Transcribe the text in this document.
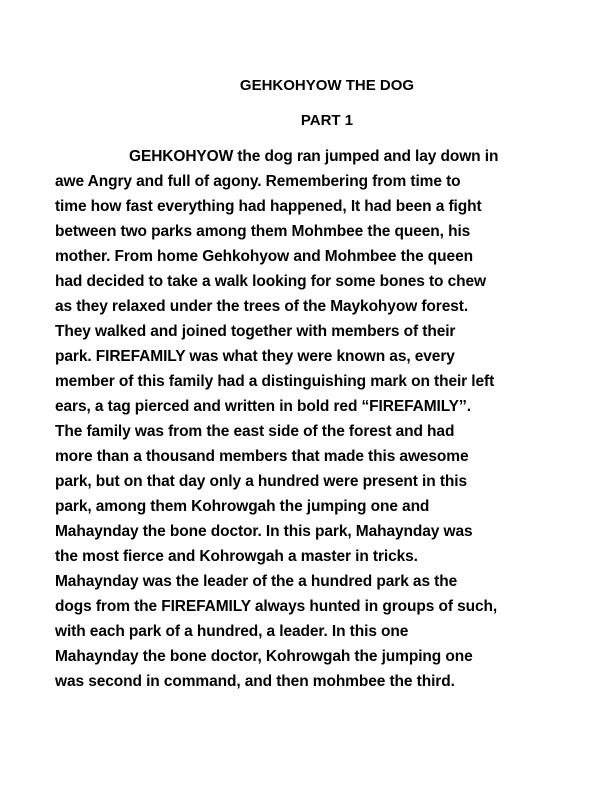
GEHKOHYOW THE DOG
PART 1
GEHKOHYOW the dog ran jumped and lay down in
awe Angry and full of agony. Remembering from time to
time how fast everything had happened, It had been a fight
between two parks among them Mohmbee the queen, his
mother. From home Gehkohyow and Mohmbee the queen
had decided to take a walk looking for some bones to chew
as they relaxed under the trees of the Maykohyow forest.
They walked and joined together with members of their
park. FIREFAMILY was what they were known as, every
member of this family had a distinguishing mark on their left
ears, a tag pierced and written in bold red “FIREFAMILY’’.
The family was from the east side of the forest and had
more than a thousand members that made this awesome
park, but on that day only a hundred were present in this
park, among them Kohrowgah the jumping one and
Mahaynday the bone doctor. In this park, Mahaynday was
the most fierce and Kohrowgah a master in tricks.
Mahaynday was the leader of the a hundred park as the
dogs from the FIREFAMILY always hunted in groups of such,
with each park of a hundred, a leader. In this one
Mahaynday the bone doctor, Kohrowgah the jumping one
was second in command, and then mohmbee the third.
